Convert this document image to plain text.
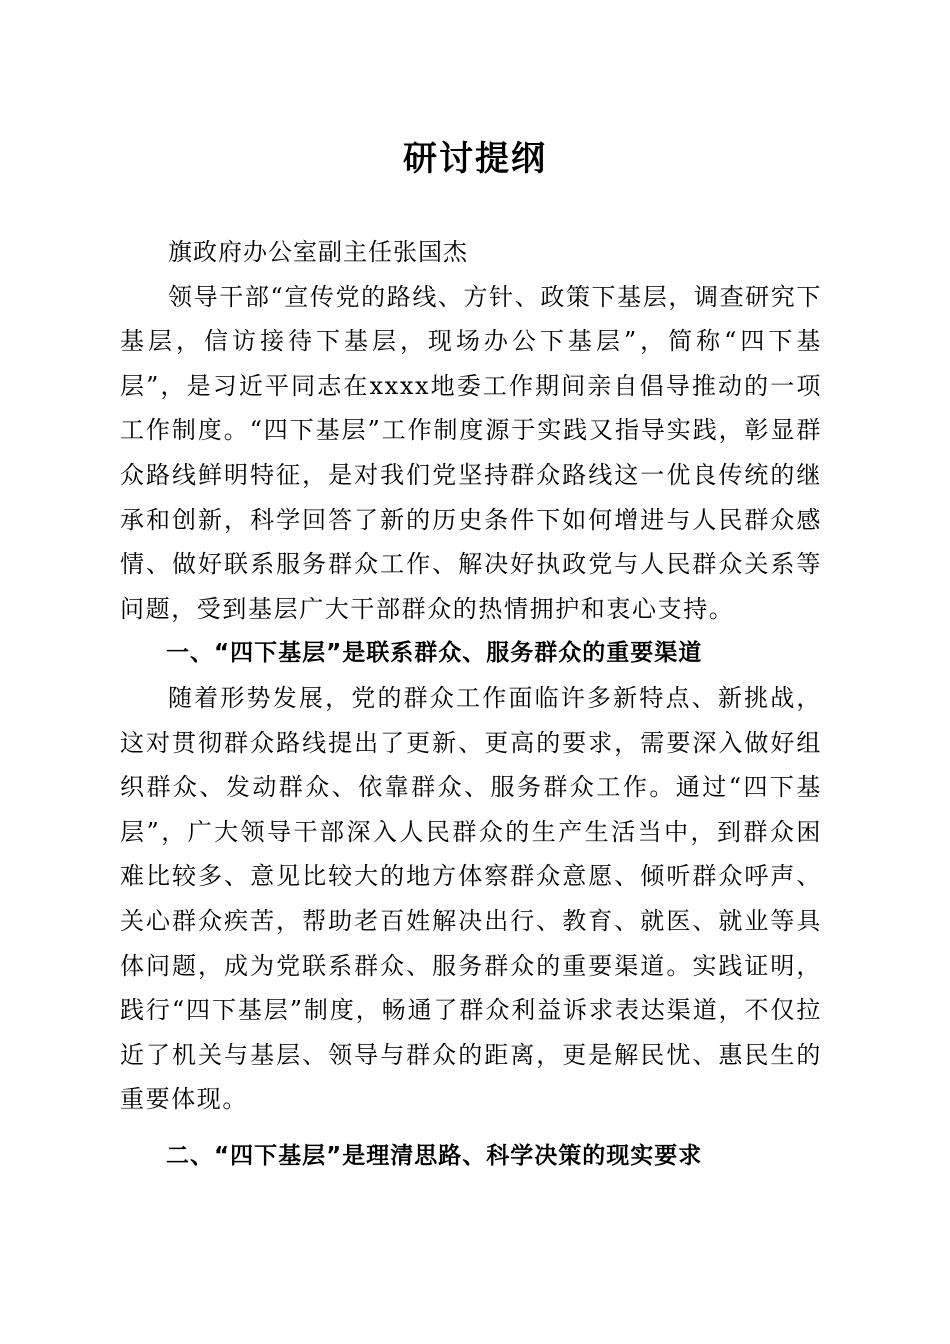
研讨提纲

旗政府办公室副主任张国杰

领导干部“宣传党的路线、方针、政策下基层，调查研究下基层，信访接待下基层，现场办公下基层”，简称“四下基层”，是习近平同志在xxxx地委工作期间亲自倡导推动的一项工作制度。“四下基层”工作制度源于实践又指导实践，彰显群众路线鲜明特征，是对我们党坚持群众路线这一优良传统的继承和创新，科学回答了新的历史条件下如何增进与人民群众感情、做好联系服务群众工作、解决好执政党与人民群众关系等问题，受到基层广大干部群众的热情拥护和衷心支持。

一、“四下基层”是联系群众、服务群众的重要渠道

随着形势发展，党的群众工作面临许多新特点、新挑战，这对贯彻群众路线提出了更新、更高的要求，需要深入做好组织群众、发动群众、依靠群众、服务群众工作。通过“四下基层”，广大领导干部深入人民群众的生产生活当中，到群众困难比较多、意见比较大的地方体察群众意愿、倾听群众呼声、关心群众疾苦，帮助老百姓解决出行、教育、就医、就业等具体问题，成为党联系群众、服务群众的重要渠道。实践证明，践行“四下基层”制度，畅通了群众利益诉求表达渠道，不仅拉近了机关与基层、领导与群众的距离，更是解民忧、惠民生的重要体现。

二、“四下基层”是理清思路、科学决策的现实要求
